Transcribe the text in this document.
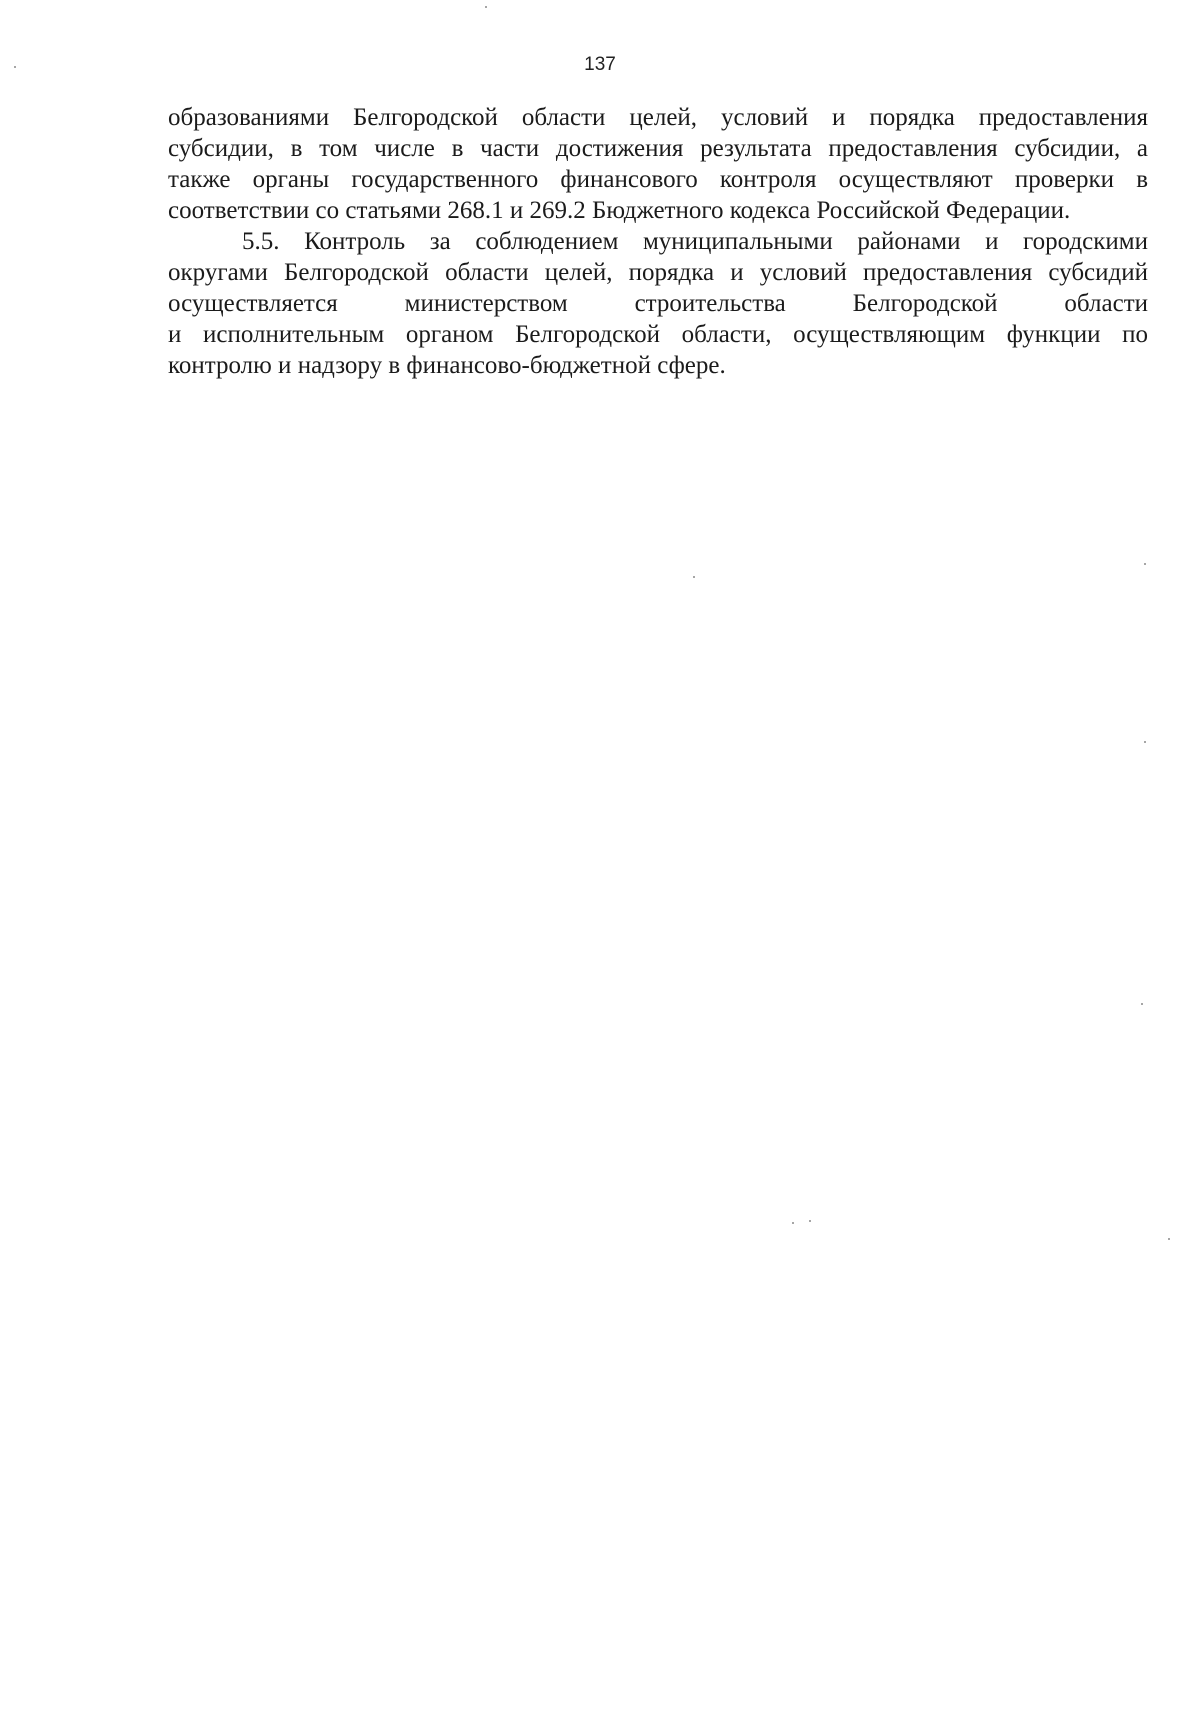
137
образованиями Белгородской области целей, условий и порядка предоставления
субсидии, в том числе в части достижения результата предоставления субсидии, а
также органы государственного финансового контроля осуществляют проверки в
соответствии со статьями 268.1 и 269.2 Бюджетного кодекса Российской Федерации.
5.5. Контроль за соблюдением муниципальными районами и городскими
округами Белгородской области целей, порядка и условий предоставления субсидий
осуществляется министерством строительства Белгородской области
и исполнительным органом Белгородской области, осуществляющим функции по
контролю и надзору в финансово-бюджетной сфере.
